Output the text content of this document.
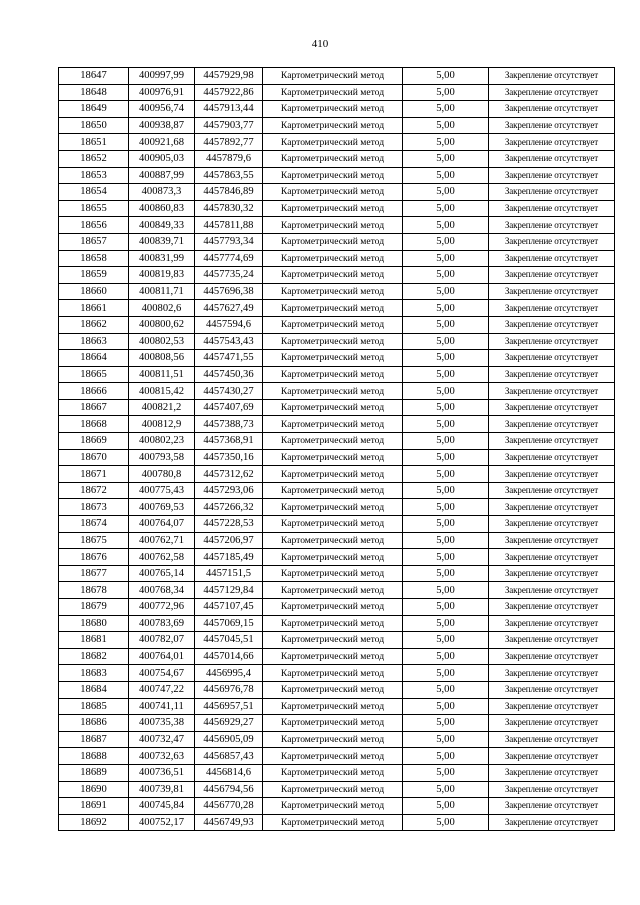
410
18647	400997,99	4457929,98	Картометрический метод	5,00	Закрепление отсутствует
18648	400976,91	4457922,86	Картометрический метод	5,00	Закрепление отсутствует
18649	400956,74	4457913,44	Картометрический метод	5,00	Закрепление отсутствует
18650	400938,87	4457903,77	Картометрический метод	5,00	Закрепление отсутствует
18651	400921,68	4457892,77	Картометрический метод	5,00	Закрепление отсутствует
18652	400905,03	4457879,6	Картометрический метод	5,00	Закрепление отсутствует
18653	400887,99	4457863,55	Картометрический метод	5,00	Закрепление отсутствует
18654	400873,3	4457846,89	Картометрический метод	5,00	Закрепление отсутствует
18655	400860,83	4457830,32	Картометрический метод	5,00	Закрепление отсутствует
18656	400849,33	4457811,88	Картометрический метод	5,00	Закрепление отсутствует
18657	400839,71	4457793,34	Картометрический метод	5,00	Закрепление отсутствует
18658	400831,99	4457774,69	Картометрический метод	5,00	Закрепление отсутствует
18659	400819,83	4457735,24	Картометрический метод	5,00	Закрепление отсутствует
18660	400811,71	4457696,38	Картометрический метод	5,00	Закрепление отсутствует
18661	400802,6	4457627,49	Картометрический метод	5,00	Закрепление отсутствует
18662	400800,62	4457594,6	Картометрический метод	5,00	Закрепление отсутствует
18663	400802,53	4457543,43	Картометрический метод	5,00	Закрепление отсутствует
18664	400808,56	4457471,55	Картометрический метод	5,00	Закрепление отсутствует
18665	400811,51	4457450,36	Картометрический метод	5,00	Закрепление отсутствует
18666	400815,42	4457430,27	Картометрический метод	5,00	Закрепление отсутствует
18667	400821,2	4457407,69	Картометрический метод	5,00	Закрепление отсутствует
18668	400812,9	4457388,73	Картометрический метод	5,00	Закрепление отсутствует
18669	400802,23	4457368,91	Картометрический метод	5,00	Закрепление отсутствует
18670	400793,58	4457350,16	Картометрический метод	5,00	Закрепление отсутствует
18671	400780,8	4457312,62	Картометрический метод	5,00	Закрепление отсутствует
18672	400775,43	4457293,06	Картометрический метод	5,00	Закрепление отсутствует
18673	400769,53	4457266,32	Картометрический метод	5,00	Закрепление отсутствует
18674	400764,07	4457228,53	Картометрический метод	5,00	Закрепление отсутствует
18675	400762,71	4457206,97	Картометрический метод	5,00	Закрепление отсутствует
18676	400762,58	4457185,49	Картометрический метод	5,00	Закрепление отсутствует
18677	400765,14	4457151,5	Картометрический метод	5,00	Закрепление отсутствует
18678	400768,34	4457129,84	Картометрический метод	5,00	Закрепление отсутствует
18679	400772,96	4457107,45	Картометрический метод	5,00	Закрепление отсутствует
18680	400783,69	4457069,15	Картометрический метод	5,00	Закрепление отсутствует
18681	400782,07	4457045,51	Картометрический метод	5,00	Закрепление отсутствует
18682	400764,01	4457014,66	Картометрический метод	5,00	Закрепление отсутствует
18683	400754,67	4456995,4	Картометрический метод	5,00	Закрепление отсутствует
18684	400747,22	4456976,78	Картометрический метод	5,00	Закрепление отсутствует
18685	400741,11	4456957,51	Картометрический метод	5,00	Закрепление отсутствует
18686	400735,38	4456929,27	Картометрический метод	5,00	Закрепление отсутствует
18687	400732,47	4456905,09	Картометрический метод	5,00	Закрепление отсутствует
18688	400732,63	4456857,43	Картометрический метод	5,00	Закрепление отсутствует
18689	400736,51	4456814,6	Картометрический метод	5,00	Закрепление отсутствует
18690	400739,81	4456794,56	Картометрический метод	5,00	Закрепление отсутствует
18691	400745,84	4456770,28	Картометрический метод	5,00	Закрепление отсутствует
18692	400752,17	4456749,93	Картометрический метод	5,00	Закрепление отсутствует
